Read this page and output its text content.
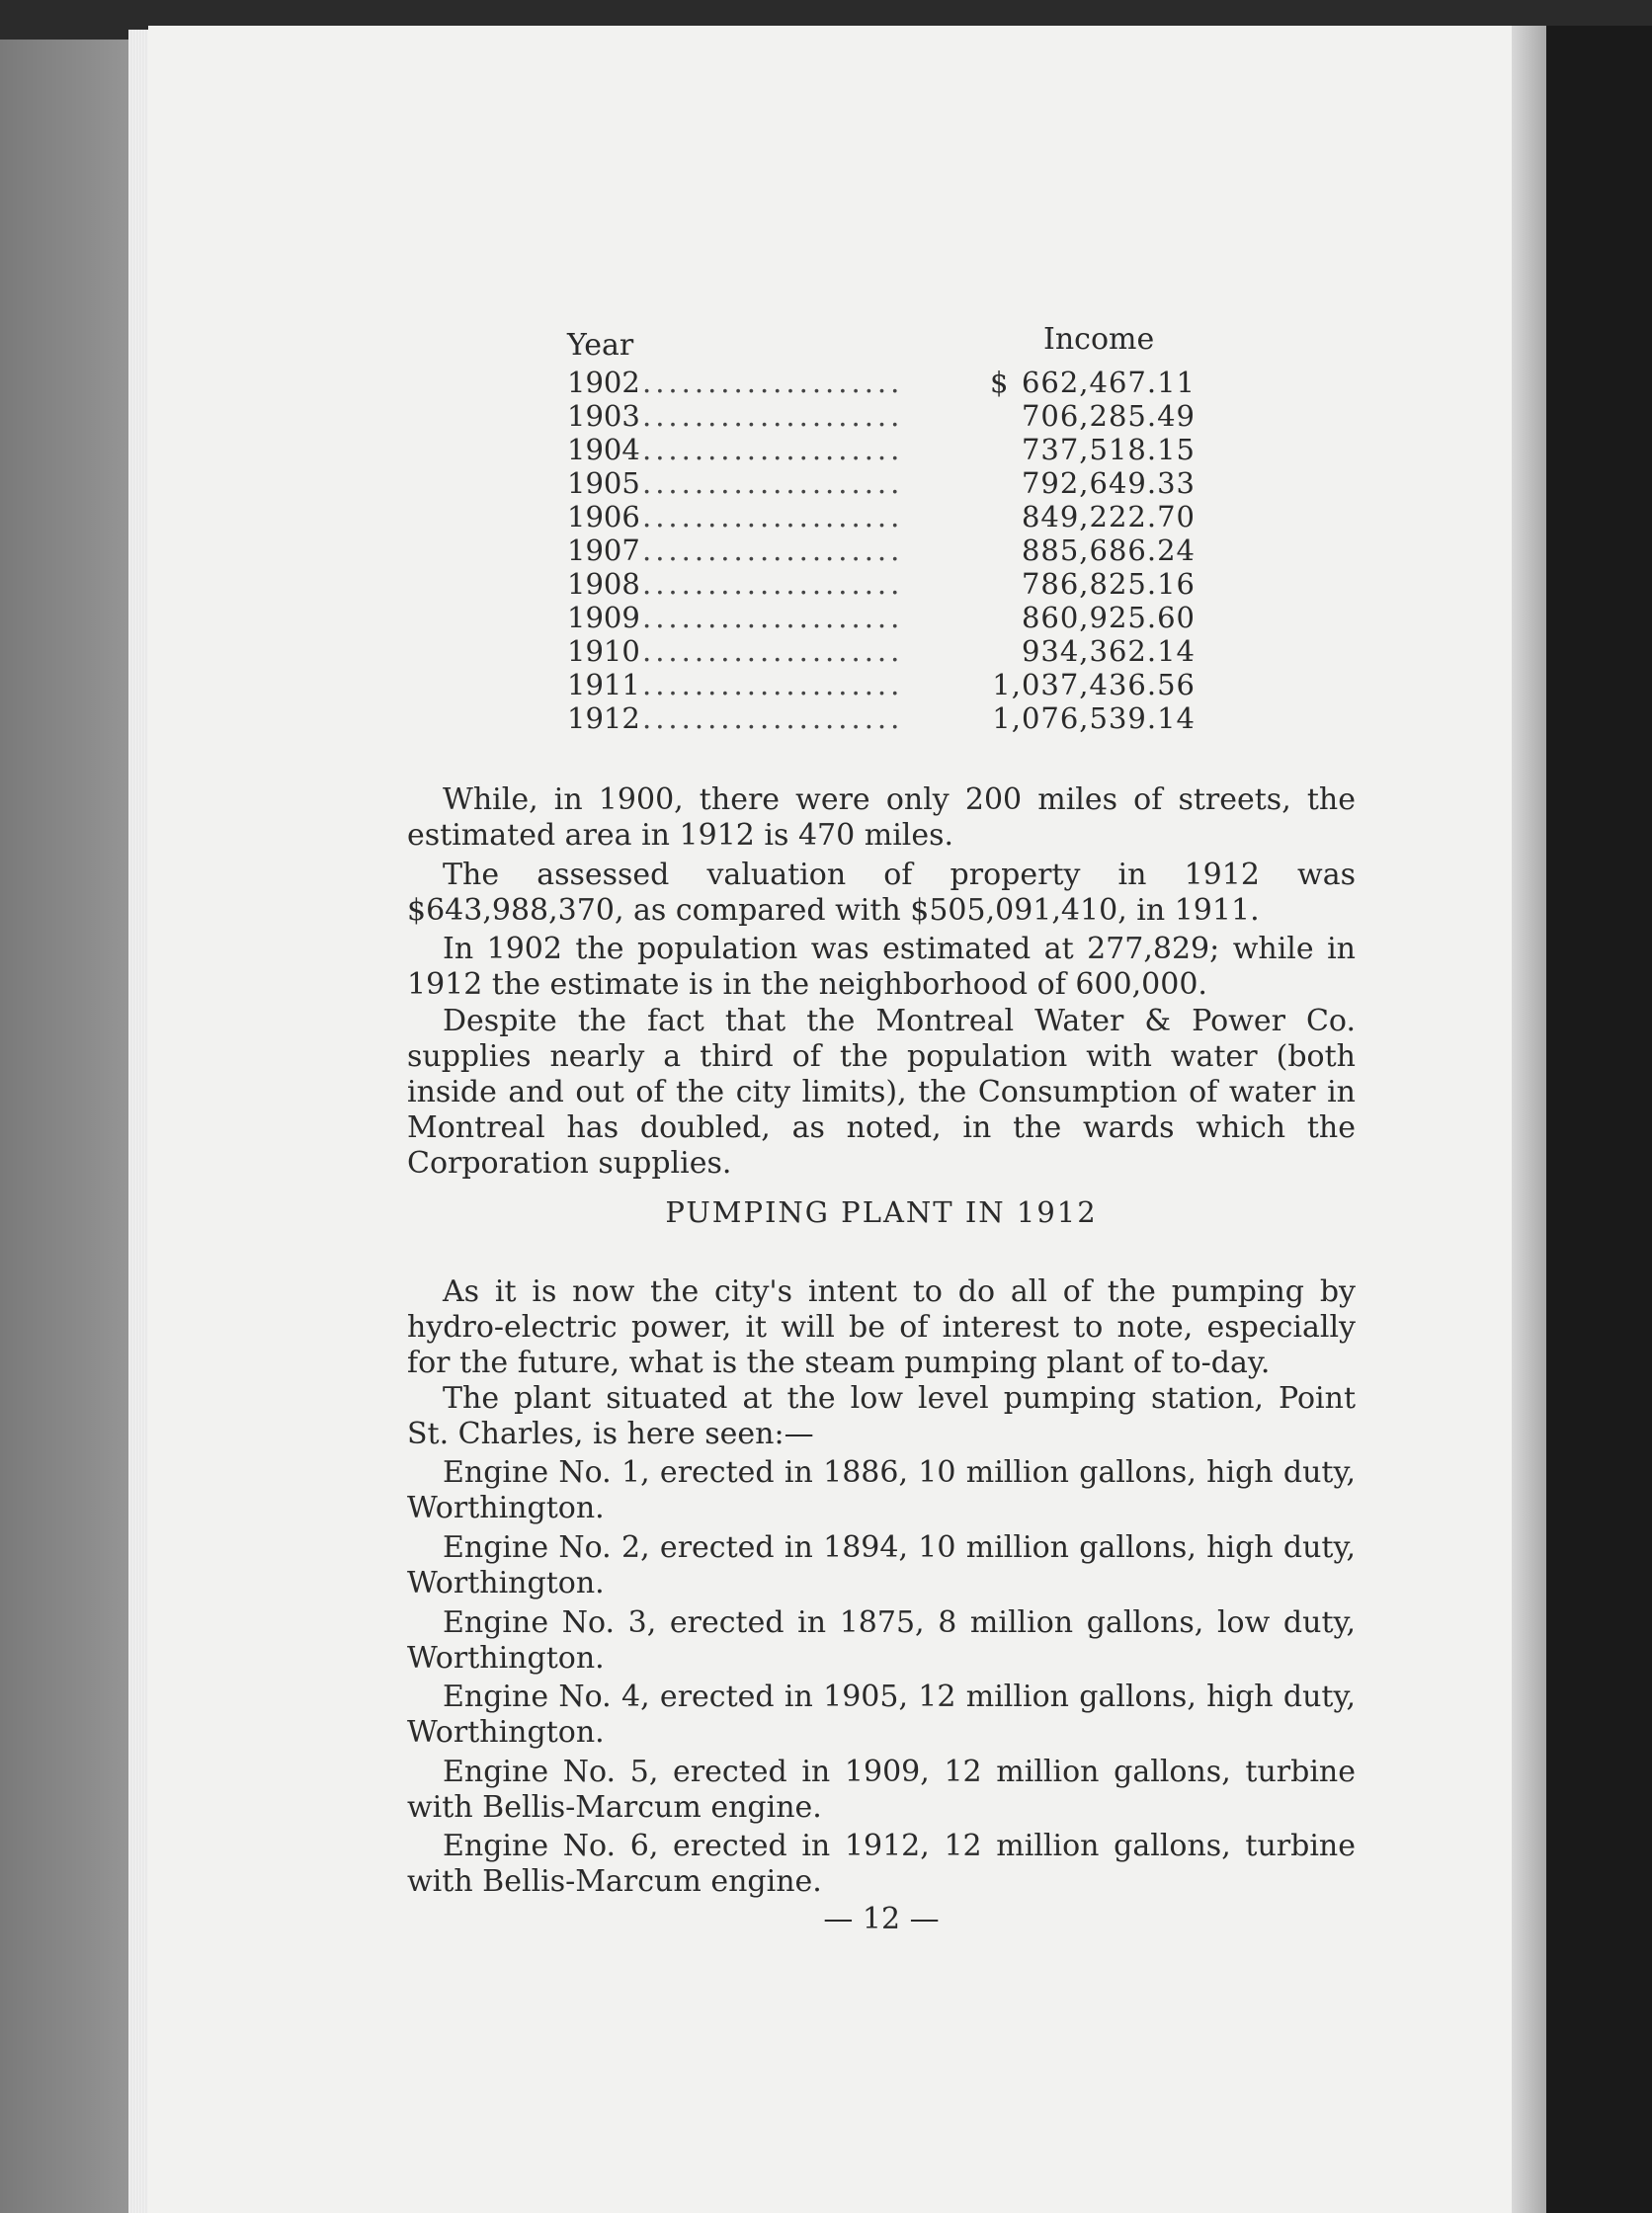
Year	Income
1902 ....................	$ 662,467.11
1903 ....................	706,285.49
1904 ....................	737,518.15
1905 ....................	792,649.33
1906 ....................	849,222.70
1907 ....................	885,686.24
1908 ....................	786,825.16
1909 ....................	860,925.60
1910 ....................	934,362.14
1911 ....................	1,037,436.56
1912 ....................	1,076,539.14
While, in 1900, there were only 200 miles of streets, the estimated area in 1912 is 470 miles.
The assessed valuation of property in 1912 was $643,988,370, as compared with $505,091,410, in 1911.
In 1902 the population was estimated at 277,829; while in 1912 the estimate is in the neighborhood of 600,000.
Despite the fact that the Montreal Water & Power Co. supplies nearly a third of the population with water (both inside and out of the city limits), the Consumption of water in Montreal has doubled, as noted, in the wards which the Corporation supplies.
PUMPING PLANT IN 1912
As it is now the city's intent to do all of the pumping by hydro-electric power, it will be of interest to note, especially for the future, what is the steam pumping plant of to-day.
The plant situated at the low level pumping station, Point St. Charles, is here seen:—
Engine No. 1, erected in 1886, 10 million gallons, high duty, Worthington.
Engine No. 2, erected in 1894, 10 million gallons, high duty, Worthington.
Engine No. 3, erected in 1875, 8 million gallons, low duty, Worthington.
Engine No. 4, erected in 1905, 12 million gallons, high duty, Worthington.
Engine No. 5, erected in 1909, 12 million gallons, turbine with Bellis-Marcum engine.
Engine No. 6, erected in 1912, 12 million gallons, turbine with Bellis-Marcum engine.
— 12 —
